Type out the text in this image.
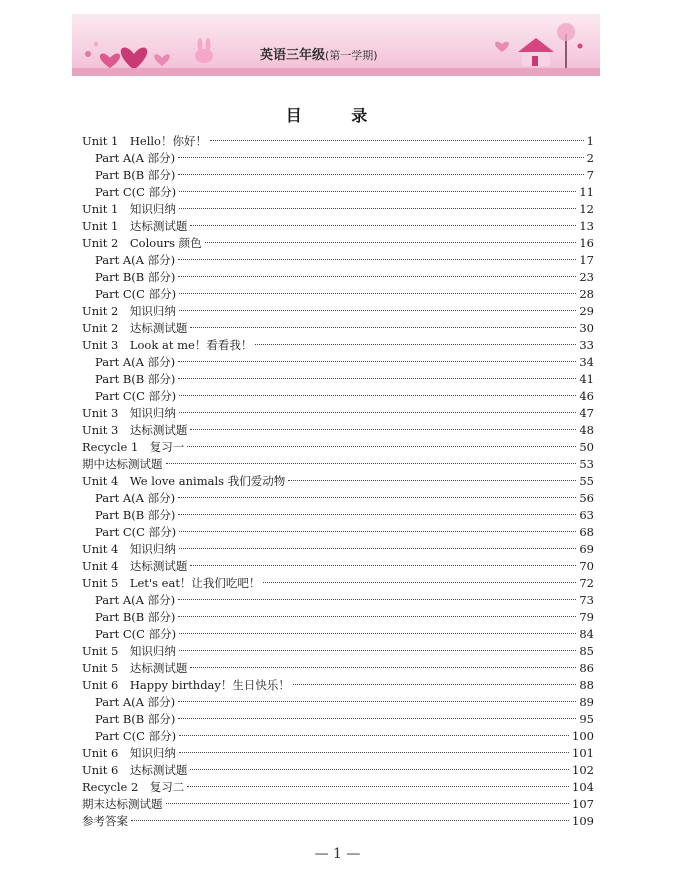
英语三年级(第一学期)
目 录
Unit 1　Hello！你好！	1
Part A(A 部分)	2
Part B(B 部分)	7
Part C(C 部分)	11
Unit 1　知识归纳	12
Unit 1　达标测试题	13
Unit 2　Colours 颜色	16
Part A(A 部分)	17
Part B(B 部分)	23
Part C(C 部分)	28
Unit 2　知识归纳	29
Unit 2　达标测试题	30
Unit 3　Look at me！看看我！	33
Part A(A 部分)	34
Part B(B 部分)	41
Part C(C 部分)	46
Unit 3　知识归纳	47
Unit 3　达标测试题	48
Recycle 1　复习一	50
期中达标测试题	53
Unit 4　We love animals 我们爱动物	55
Part A(A 部分)	56
Part B(B 部分)	63
Part C(C 部分)	68
Unit 4　知识归纳	69
Unit 4　达标测试题	70
Unit 5　Let's eat！让我们吃吧！	72
Part A(A 部分)	73
Part B(B 部分)	79
Part C(C 部分)	84
Unit 5　知识归纳	85
Unit 5　达标测试题	86
Unit 6　Happy birthday！生日快乐！	88
Part A(A 部分)	89
Part B(B 部分)	95
Part C(C 部分)	100
Unit 6　知识归纳	101
Unit 6　达标测试题	102
Recycle 2　复习二	104
期末达标测试题	107
参考答案	109
— 1 —
